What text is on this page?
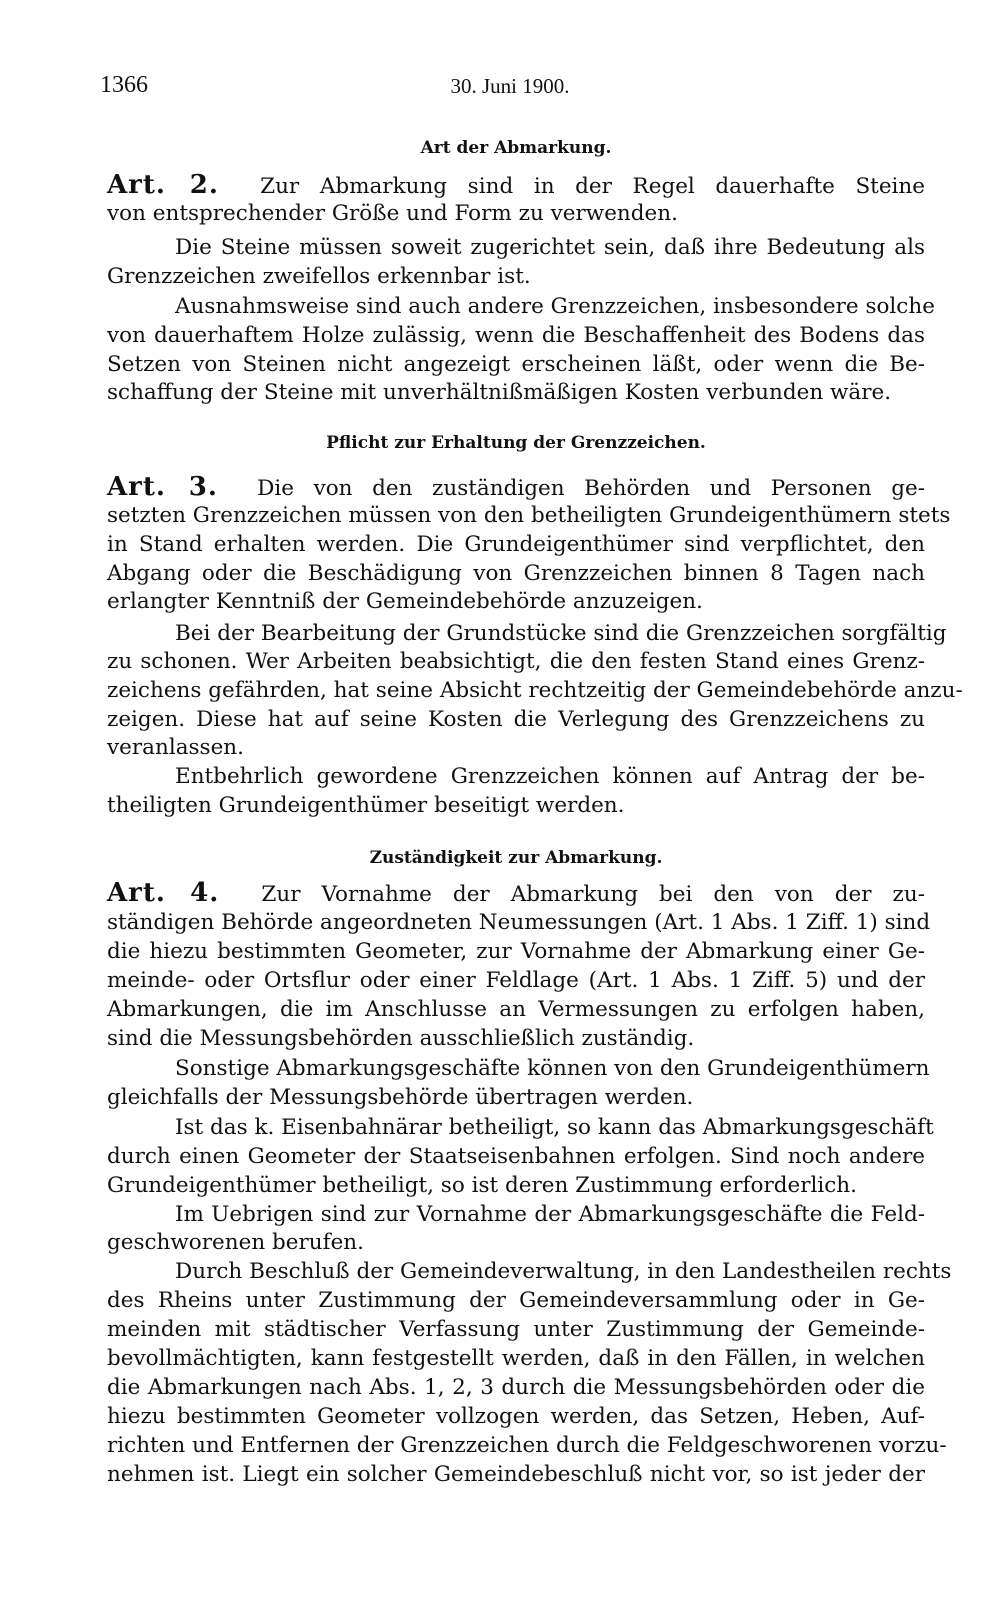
1366	30. Juni 1900.
Art der Abmarkung.
Art. 2. Zur Abmarkung sind in der Regel dauerhafte Steine
von entsprechender Größe und Form zu verwenden.
Die Steine müssen soweit zugerichtet sein, daß ihre Bedeutung als
Grenzzeichen zweifellos erkennbar ist.
Ausnahmsweise sind auch andere Grenzzeichen, insbesondere solche
von dauerhaftem Holze zulässig, wenn die Beschaffenheit des Bodens das
Setzen von Steinen nicht angezeigt erscheinen läßt, oder wenn die Be-
schaffung der Steine mit unverhältnißmäßigen Kosten verbunden wäre.
Pflicht zur Erhaltung der Grenzzeichen.
Art. 3. Die von den zuständigen Behörden und Personen ge-
setzten Grenzzeichen müssen von den betheiligten Grundeigenthümern stets
in Stand erhalten werden. Die Grundeigenthümer sind verpflichtet, den
Abgang oder die Beschädigung von Grenzzeichen binnen 8 Tagen nach
erlangter Kenntniß der Gemeindebehörde anzuzeigen.
Bei der Bearbeitung der Grundstücke sind die Grenzzeichen sorgfältig
zu schonen. Wer Arbeiten beabsichtigt, die den festen Stand eines Grenz-
zeichens gefährden, hat seine Absicht rechtzeitig der Gemeindebehörde anzu-
zeigen. Diese hat auf seine Kosten die Verlegung des Grenzzeichens zu
veranlassen.
Entbehrlich gewordene Grenzzeichen können auf Antrag der be-
theiligten Grundeigenthümer beseitigt werden.
Zuständigkeit zur Abmarkung.
Art. 4. Zur Vornahme der Abmarkung bei den von der zu-
ständigen Behörde angeordneten Neumessungen (Art. 1 Abs. 1 Ziff. 1) sind
die hiezu bestimmten Geometer, zur Vornahme der Abmarkung einer Ge-
meinde- oder Ortsflur oder einer Feldlage (Art. 1 Abs. 1 Ziff. 5) und der
Abmarkungen, die im Anschlusse an Vermessungen zu erfolgen haben,
sind die Messungsbehörden ausschließlich zuständig.
Sonstige Abmarkungsgeschäfte können von den Grundeigenthümern
gleichfalls der Messungsbehörde übertragen werden.
Ist das k. Eisenbahnärar betheiligt, so kann das Abmarkungsgeschäft
durch einen Geometer der Staatseisenbahnen erfolgen. Sind noch andere
Grundeigenthümer betheiligt, so ist deren Zustimmung erforderlich.
Im Uebrigen sind zur Vornahme der Abmarkungsgeschäfte die Feld-
geschworenen berufen.
Durch Beschluß der Gemeindeverwaltung, in den Landestheilen rechts
des Rheins unter Zustimmung der Gemeindeversammlung oder in Ge-
meinden mit städtischer Verfassung unter Zustimmung der Gemeinde-
bevollmächtigten, kann festgestellt werden, daß in den Fällen, in welchen
die Abmarkungen nach Abs. 1, 2, 3 durch die Messungsbehörden oder die
hiezu bestimmten Geometer vollzogen werden, das Setzen, Heben, Auf-
richten und Entfernen der Grenzzeichen durch die Feldgeschworenen vorzu-
nehmen ist. Liegt ein solcher Gemeindebeschluß nicht vor, so ist jeder der
